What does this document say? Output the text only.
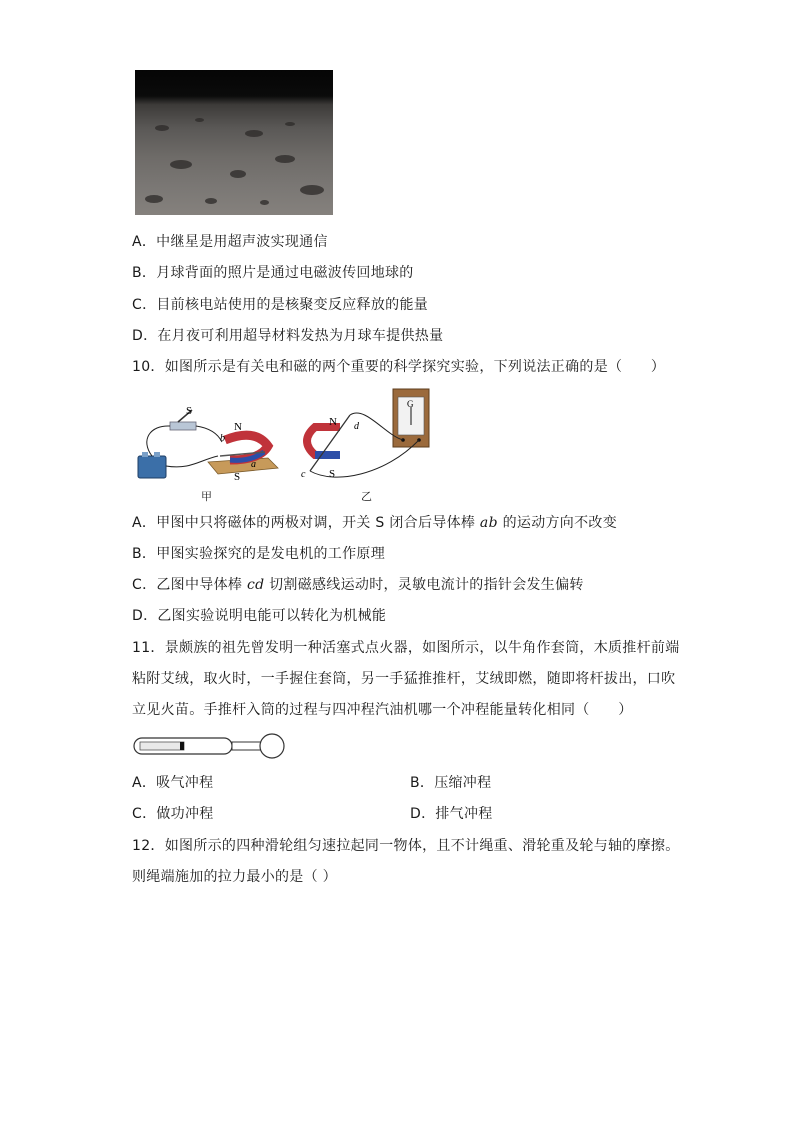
A．中继星是用超声波实现通信
B．月球背面的照片是通过电磁波传回地球的
C．目前核电站使用的是核聚变反应释放的能量
D．在月夜可利用超导材料发热为月球车提供热量
10．如图所示是有关电和磁的两个重要的科学探究实验，下列说法正确的是（　　）
S
N
S
b
a
甲
G
N
S
c
d
乙
A．甲图中只将磁体的两极对调，开关 S 闭合后导体棒 ab 的运动方向不改变
B．甲图实验探究的是发电机的工作原理
C．乙图中导体棒 cd 切割磁感线运动时，灵敏电流计的指针会发生偏转
D．乙图实验说明电能可以转化为机械能
11．景颇族的祖先曾发明一种活塞式点火器，如图所示，以牛角作套筒，木质推杆前端
粘附艾绒，取火时，一手握住套筒，另一手猛推推杆，艾绒即燃，随即将杆拔出，口吹
立见火苗。手推杆入筒的过程与四冲程汽油机哪一个冲程能量转化相同（　　）
A．吸气冲程	B．压缩冲程
C．做功冲程	D．排气冲程
12．如图所示的四种滑轮组匀速拉起同一物体，且不计绳重、滑轮重及轮与轴的摩擦。
则绳端施加的拉力最小的是（ ）
